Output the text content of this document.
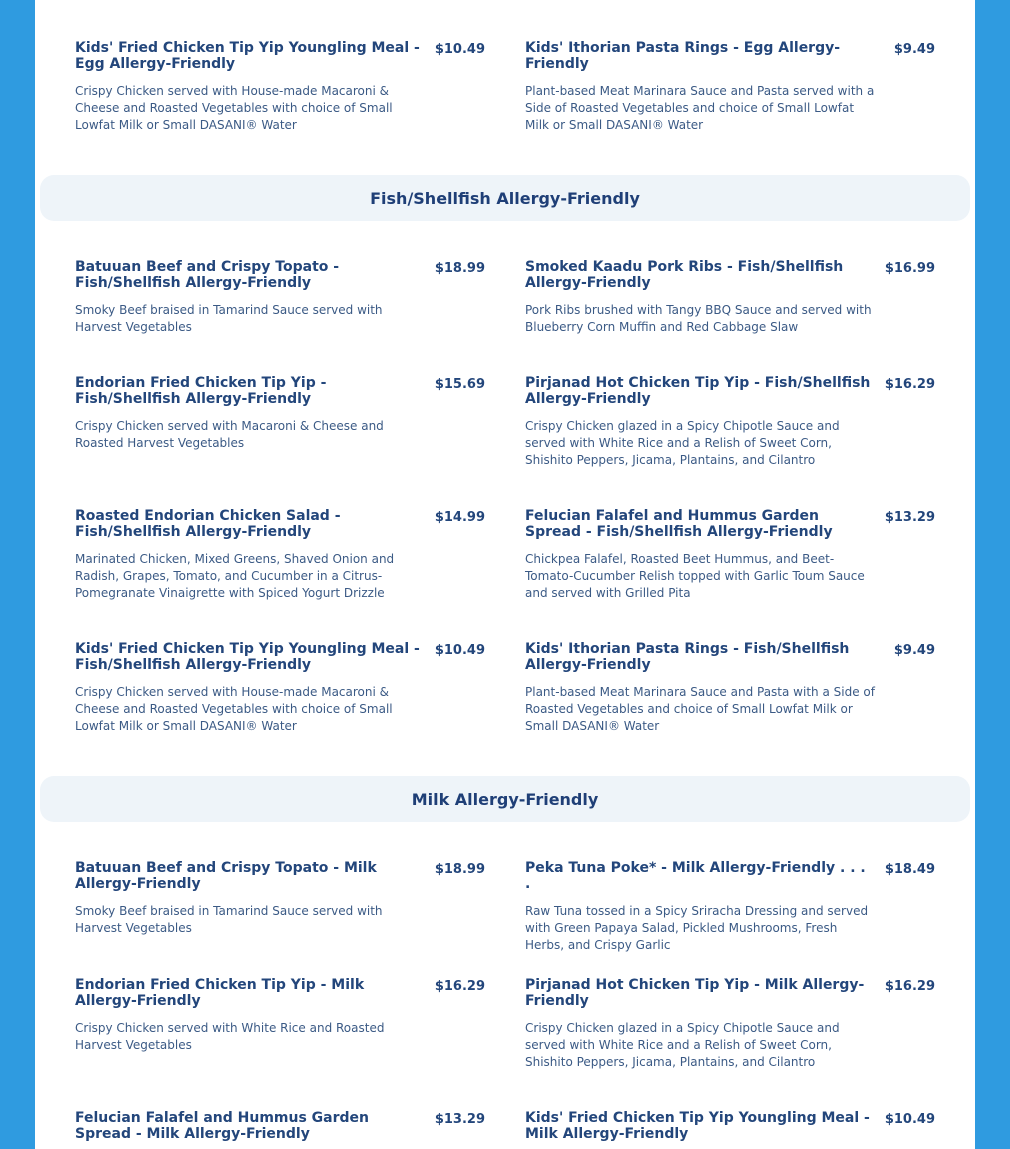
Kids' Fried Chicken Tip Yip Youngling Meal - Egg Allergy-Friendly
$10.49
Crispy Chicken served with House-made Macaroni & Cheese and Roasted Vegetables with choice of Small Lowfat Milk or Small DASANI® Water
Kids' Ithorian Pasta Rings - Egg Allergy-Friendly
$9.49
Plant-based Meat Marinara Sauce and Pasta served with a Side of Roasted Vegetables and choice of Small Lowfat Milk or Small DASANI® Water
Fish/Shellfish Allergy-Friendly
Batuuan Beef and Crispy Topato - Fish/Shellfish Allergy-Friendly
$18.99
Smoky Beef braised in Tamarind Sauce served with Harvest Vegetables
Smoked Kaadu Pork Ribs - Fish/Shellfish Allergy-Friendly
$16.99
Pork Ribs brushed with Tangy BBQ Sauce and served with Blueberry Corn Muffin and Red Cabbage Slaw
Endorian Fried Chicken Tip Yip - Fish/Shellfish Allergy-Friendly
$15.69
Crispy Chicken served with Macaroni & Cheese and Roasted Harvest Vegetables
Pirjanad Hot Chicken Tip Yip - Fish/Shellfish Allergy-Friendly
$16.29
Crispy Chicken glazed in a Spicy Chipotle Sauce and served with White Rice and a Relish of Sweet Corn, Shishito Peppers, Jicama, Plantains, and Cilantro
Roasted Endorian Chicken Salad - Fish/Shellfish Allergy-Friendly
$14.99
Marinated Chicken, Mixed Greens, Shaved Onion and Radish, Grapes, Tomato, and Cucumber in a Citrus-Pomegranate Vinaigrette with Spiced Yogurt Drizzle
Felucian Falafel and Hummus Garden Spread - Fish/Shellfish Allergy-Friendly
$13.29
Chickpea Falafel, Roasted Beet Hummus, and Beet-Tomato-Cucumber Relish topped with Garlic Toum Sauce and served with Grilled Pita
Kids' Fried Chicken Tip Yip Youngling Meal - Fish/Shellfish Allergy-Friendly
$10.49
Crispy Chicken served with House-made Macaroni & Cheese and Roasted Vegetables with choice of Small Lowfat Milk or Small DASANI® Water
Kids' Ithorian Pasta Rings - Fish/Shellfish Allergy-Friendly
$9.49
Plant-based Meat Marinara Sauce and Pasta with a Side of Roasted Vegetables and choice of Small Lowfat Milk or Small DASANI® Water
Milk Allergy-Friendly
Batuuan Beef and Crispy Topato - Milk Allergy-Friendly
$18.99
Smoky Beef braised in Tamarind Sauce served with Harvest Vegetables
Peka Tuna Poke* - Milk Allergy-Friendly . . . .
$18.49
Raw Tuna tossed in a Spicy Sriracha Dressing and served with Green Papaya Salad, Pickled Mushrooms, Fresh Herbs, and Crispy Garlic
Endorian Fried Chicken Tip Yip - Milk Allergy-Friendly
$16.29
Crispy Chicken served with White Rice and Roasted Harvest Vegetables
Pirjanad Hot Chicken Tip Yip - Milk Allergy-Friendly
$16.29
Crispy Chicken glazed in a Spicy Chipotle Sauce and served with White Rice and a Relish of Sweet Corn, Shishito Peppers, Jicama, Plantains, and Cilantro
Felucian Falafel and Hummus Garden Spread - Milk Allergy-Friendly
$13.29	Kids' Fried Chicken Tip Yip Youngling Meal - Milk Allergy-Friendly
$10.49
